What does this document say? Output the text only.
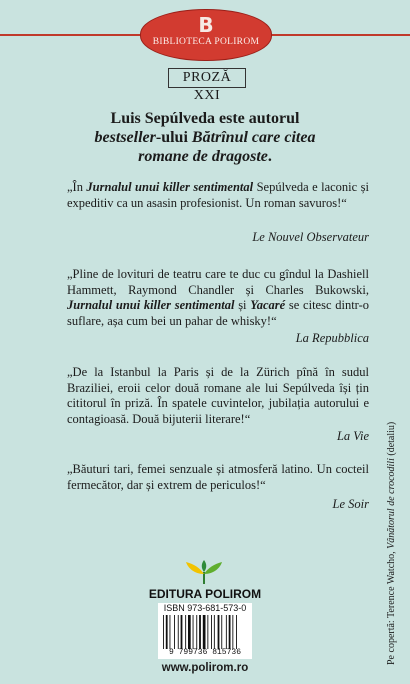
B
BIBLIOTECA POLIROM
PROZĂ XXI
Luis Sepúlveda este autorul
bestseller-ului Bătrînul care citea
romane de dragoste.
„În Jurnalul unui killer sentimental Sepúlveda e laconic și expeditiv ca un asasin profesionist. Un roman savuros!“
Le Nouvel Observateur
„Pline de lovituri de teatru care te duc cu gîndul la Dashiell Hammett, Raymond Chandler și Charles Bukowski, Jurnalul unui killer sentimental și Yacaré se citesc dintr-o suflare, așa cum bei un pahar de whisky!“
La Repubblica
„De la Istanbul la Paris și de la Zürich pînă în sudul Braziliei, eroii celor două romane ale lui Sepúlveda își țin cititorul în priză. În spatele cuvintelor, jubilația autorului e contagioasă. Două bijuterii literare!“
La Vie
„Băuturi tari, femei senzuale și atmosferă latino. Un cocteil fermecător, dar și extrem de periculos!“
Le Soir
EDITURA POLIROM
ISBN 973-681-573-0
9 799736 815736
www.polirom.ro
Pe copertă: Terence Watcho, Vânătorul de crocodili (detaliu)
